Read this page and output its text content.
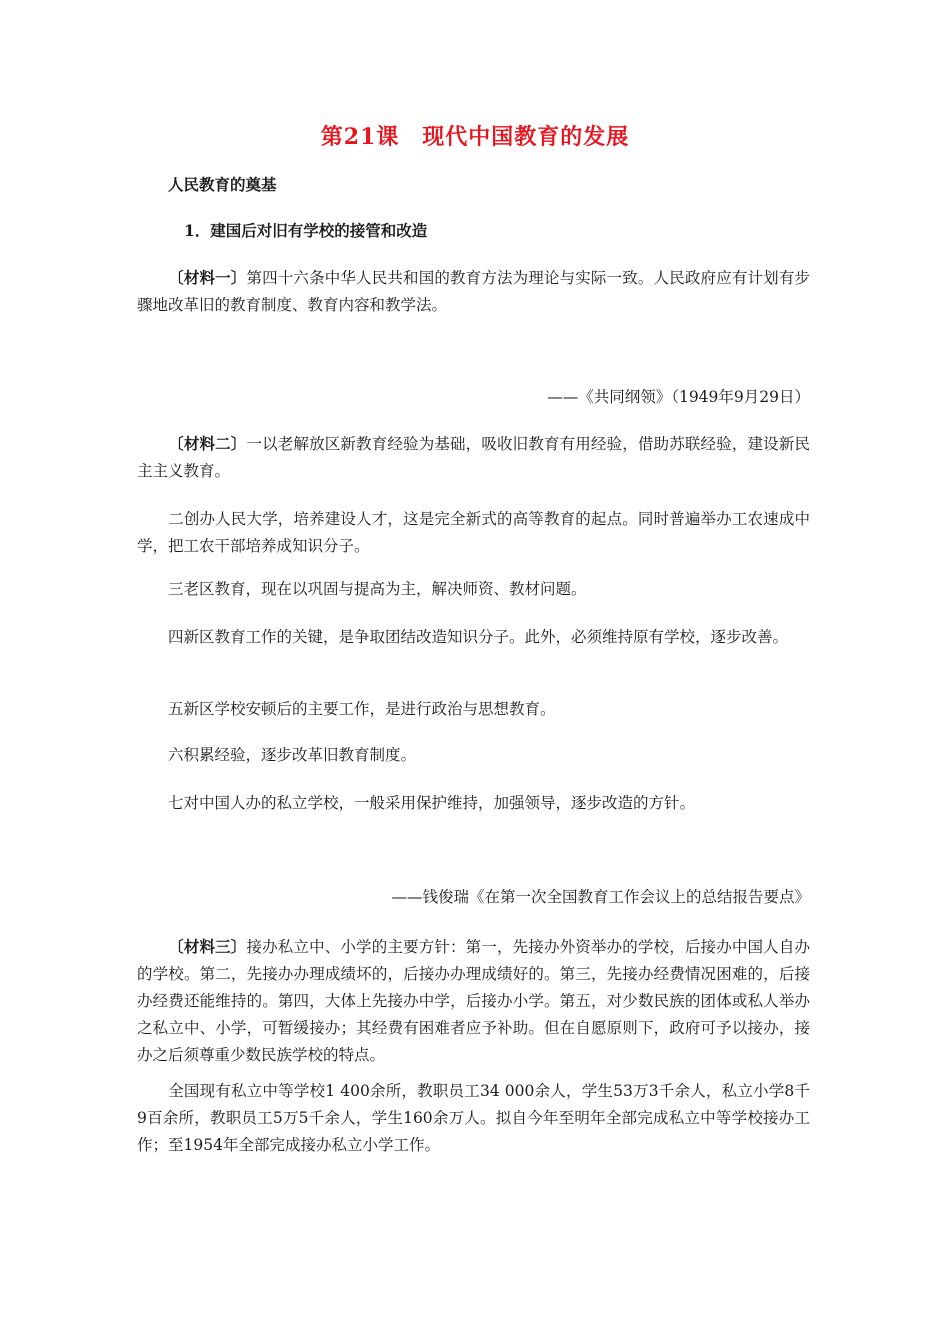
第21课　现代中国教育的发展
人民教育的奠基
1．建国后对旧有学校的接管和改造
〔材料一〕第四十六条中华人民共和国的教育方法为理论与实际一致。人民政府应有计划有步骤地改革旧的教育制度、教育内容和教学法。
——《共同纲领》（1949年9月29日）
〔材料二〕一以老解放区新教育经验为基础，吸收旧教育有用经验，借助苏联经验，建设新民主主义教育。
二创办人民大学，培养建设人才，这是完全新式的高等教育的起点。同时普遍举办工农速成中学，把工农干部培养成知识分子。
三老区教育，现在以巩固与提高为主，解决师资、教材问题。
四新区教育工作的关键，是争取团结改造知识分子。此外，必须维持原有学校，逐步改善。
五新区学校安顿后的主要工作，是进行政治与思想教育。
六积累经验，逐步改革旧教育制度。
七对中国人办的私立学校，一般采用保护维持，加强领导，逐步改造的方针。
——钱俊瑞《在第一次全国教育工作会议上的总结报告要点》
〔材料三〕接办私立中、小学的主要方针：第一，先接办外资举办的学校，后接办中国人自办的学校。第二，先接办办理成绩坏的，后接办办理成绩好的。第三，先接办经费情况困难的，后接办经费还能维持的。第四，大体上先接办中学，后接办小学。第五，对少数民族的团体或私人举办之私立中、小学，可暂缓接办；其经费有困难者应予补助。但在自愿原则下，政府可予以接办，接办之后须尊重少数民族学校的特点。
全国现有私立中等学校1 400余所，教职员工34 000余人，学生53万3千余人，私立小学8千9百余所，教职员工5万5千余人，学生160余万人。拟自今年至明年全部完成私立中等学校接办工作；至1954年全部完成接办私立小学工作。
